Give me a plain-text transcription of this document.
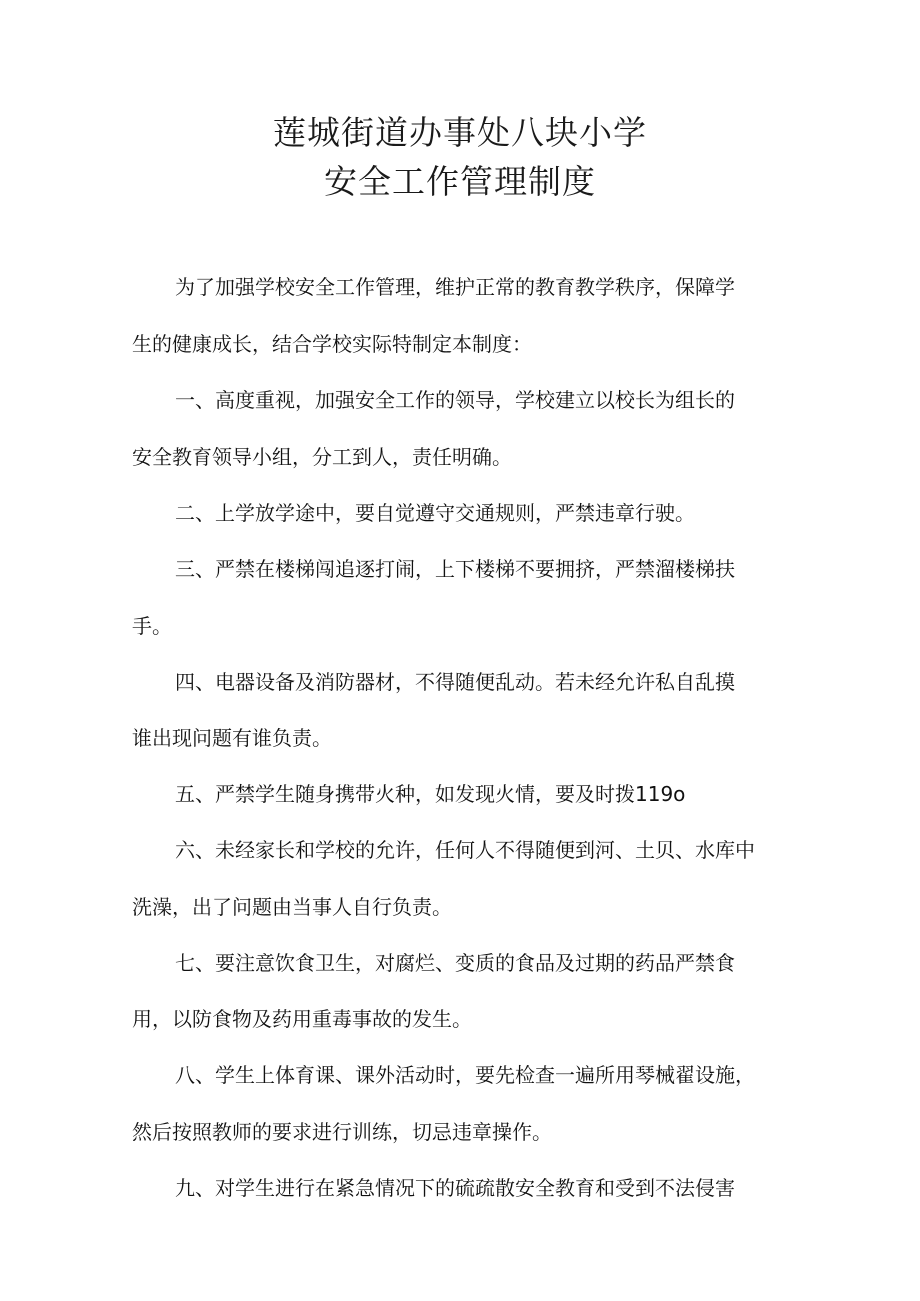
莲城街道办事处八块小学
安全工作管理制度
为了加强学校安全工作管理，维护正常的教育教学秩序，保障学
生的健康成长，结合学校实际特制定本制度：
一、高度重视，加强安全工作的领导，学校建立以校长为组长的
安全教育领导小组，分工到人，责任明确。
二、上学放学途中，要自觉遵守交通规则，严禁违章行驶。
三、严禁在楼梯闯追逐打闹，上下楼梯不要拥挤，严禁溜楼梯扶
手。
四、电器设备及消防器材，不得随便乱动。若未经允许私自乱摸
谁出现问题有谁负责。
五、严禁学生随身携带火种，如发现火情，要及时拨119o
六、未经家长和学校的允许，任何人不得随便到河、土贝、水库中
洗澡，出了问题由当事人自行负责。
七、要注意饮食卫生，对腐烂、变质的食品及过期的药品严禁食
用，以防食物及药用重毒事故的发生。
八、学生上体育课、课外活动时，要先检查一遍所用琴械翟设施，
然后按照教师的要求进行训练，切忌违章操作。
九、对学生进行在紧急情况下的硫疏散安全教育和受到不法侵害
